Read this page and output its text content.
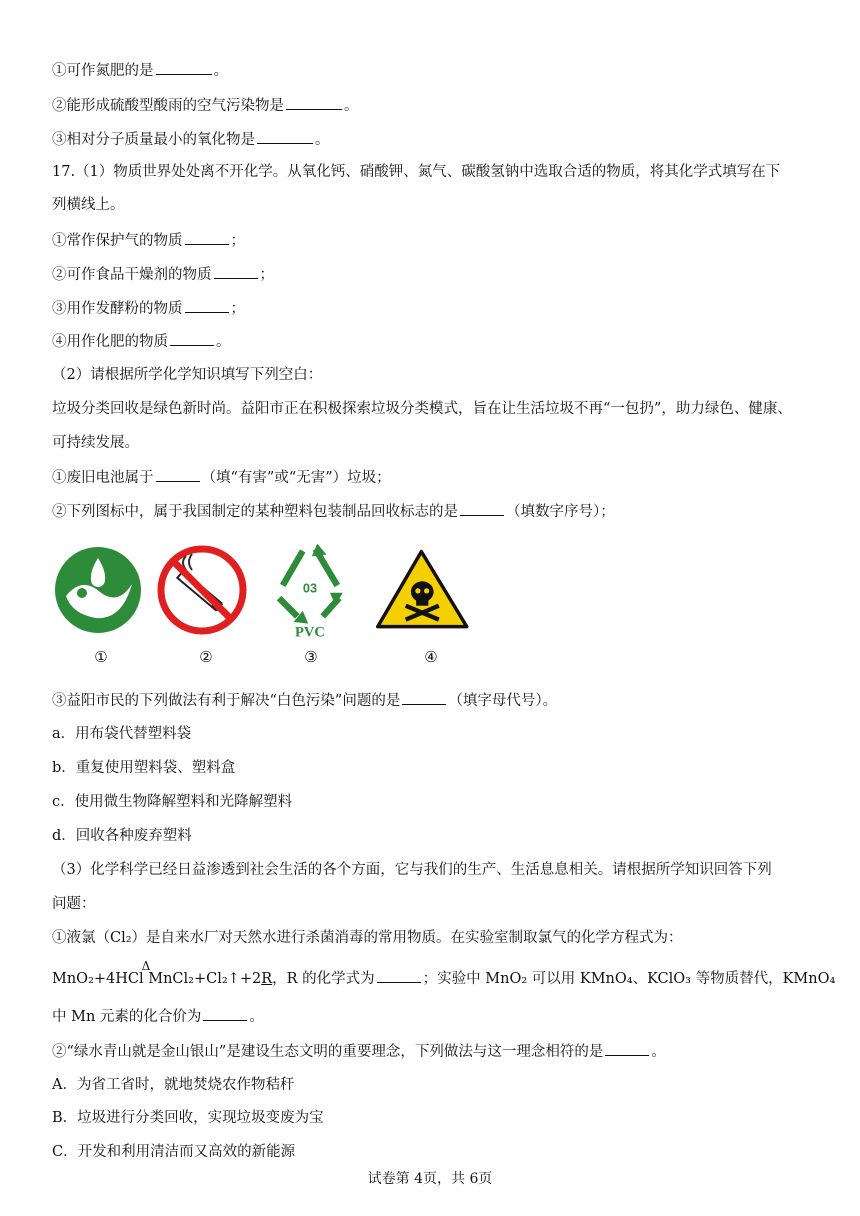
①可作氮肥的是	。
②能形成硫酸型酸雨的空气污染物是	。
③相对分子质量最小的氧化物是	。
17.（1）物质世界处处离不开化学。从氧化钙、硝酸钾、氮气、碳酸氢钠中选取合适的物质，将其化学式填写在下
列横线上。
①常作保护气的物质	；
②可作食品干燥剂的物质	；
③用作发酵粉的物质	；
④用作化肥的物质	。
（2）请根据所学化学知识填写下列空白：
垃圾分类回收是绿色新时尚。益阳市正在积极探索垃圾分类模式，旨在让生活垃圾不再“一包扔”，助力绿色、健康、
可持续发展。
①废旧电池属于	（填“有害”或“无害”）垃圾；
②下列图标中，属于我国制定的某种塑料包装制品回收标志的是	（填数字序号）；
03
PVC
①	②	③	④
③益阳市民的下列做法有利于解决“白色污染”问题的是	（填字母代号）。
a．用布袋代替塑料袋
b．重复使用塑料袋、塑料盒
c．使用微生物降解塑料和光降解塑料
d．回收各种废弃塑料
（3）化学科学已经日益渗透到社会生活的各个方面，它与我们的生产、生活息息相关。请根据所学知识回答下列
问题：
①液氯（Cl₂）是自来水厂对天然水进行杀菌消毒的常用物质。在实验室制取氯气的化学方程式为：
MnO₂+4HCl
Δ
MnCl₂+Cl₂↑+2R，R 的化学式为	；实验中 MnO₂ 可以用 KMnO₄、KClO₃ 等物质替代，KMnO₄
中 Mn 元素的化合价为	。
②“绿水青山就是金山银山”是建设生态文明的重要理念，下列做法与这一理念相符的是	。
A．为省工省时，就地焚烧农作物秸秆
B．垃圾进行分类回收，实现垃圾变废为宝
C．开发和利用清洁而又高效的新能源
试卷第 4页，共 6页
